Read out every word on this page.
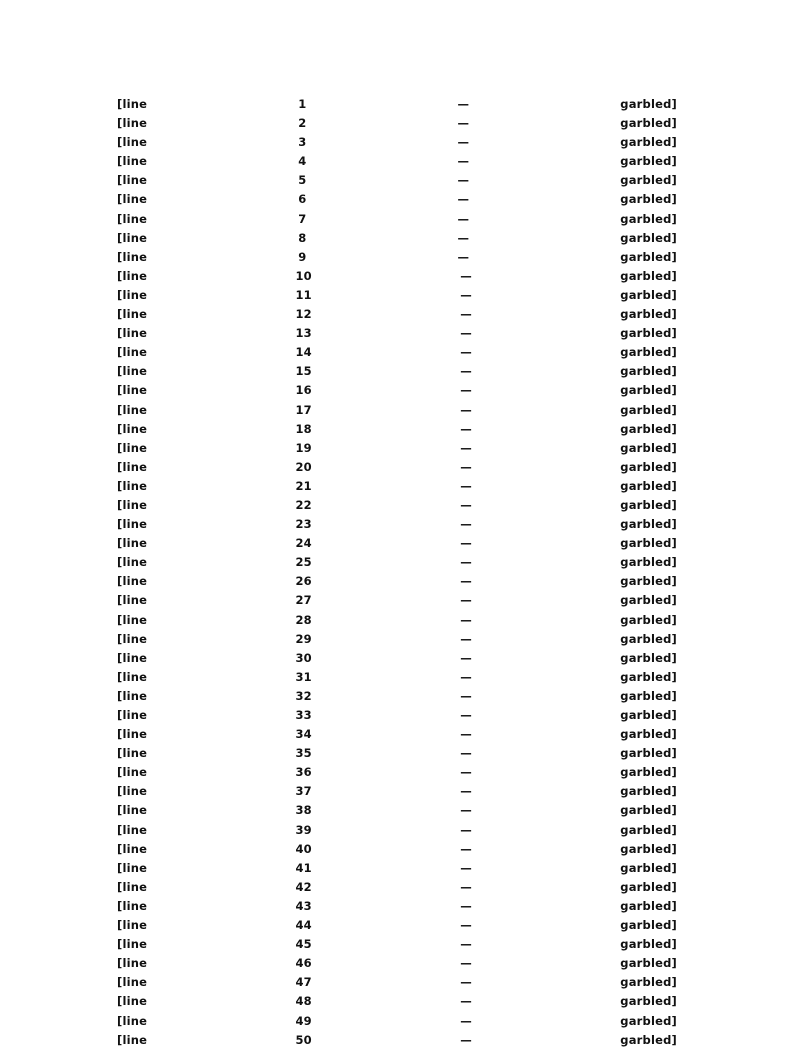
[line 1 — garbled]
[line 2 — garbled]
[line 3 — garbled]
[line 4 — garbled]
[line 5 — garbled]
[line 6 — garbled]
[line 7 — garbled]
[line 8 — garbled]
[line 9 — garbled]
[line 10 — garbled]
[line 11 — garbled]
[line 12 — garbled]
[line 13 — garbled]
[line 14 — garbled]
[line 15 — garbled]
[line 16 — garbled]
[line 17 — garbled]
[line 18 — garbled]
[line 19 — garbled]
[line 20 — garbled]
[line 21 — garbled]
[line 22 — garbled]
[line 23 — garbled]
[line 24 — garbled]
[line 25 — garbled]
[line 26 — garbled]
[line 27 — garbled]
[line 28 — garbled]
[line 29 — garbled]
[line 30 — garbled]
[line 31 — garbled]
[line 32 — garbled]
[line 33 — garbled]
[line 34 — garbled]
[line 35 — garbled]
[line 36 — garbled]
[line 37 — garbled]
[line 38 — garbled]
[line 39 — garbled]
[line 40 — garbled]
[line 41 — garbled]
[line 42 — garbled]
[line 43 — garbled]
[line 44 — garbled]
[line 45 — garbled]
[line 46 — garbled]
[line 47 — garbled]
[line 48 — garbled]
[line 49 — garbled]
[line 50 — garbled]
